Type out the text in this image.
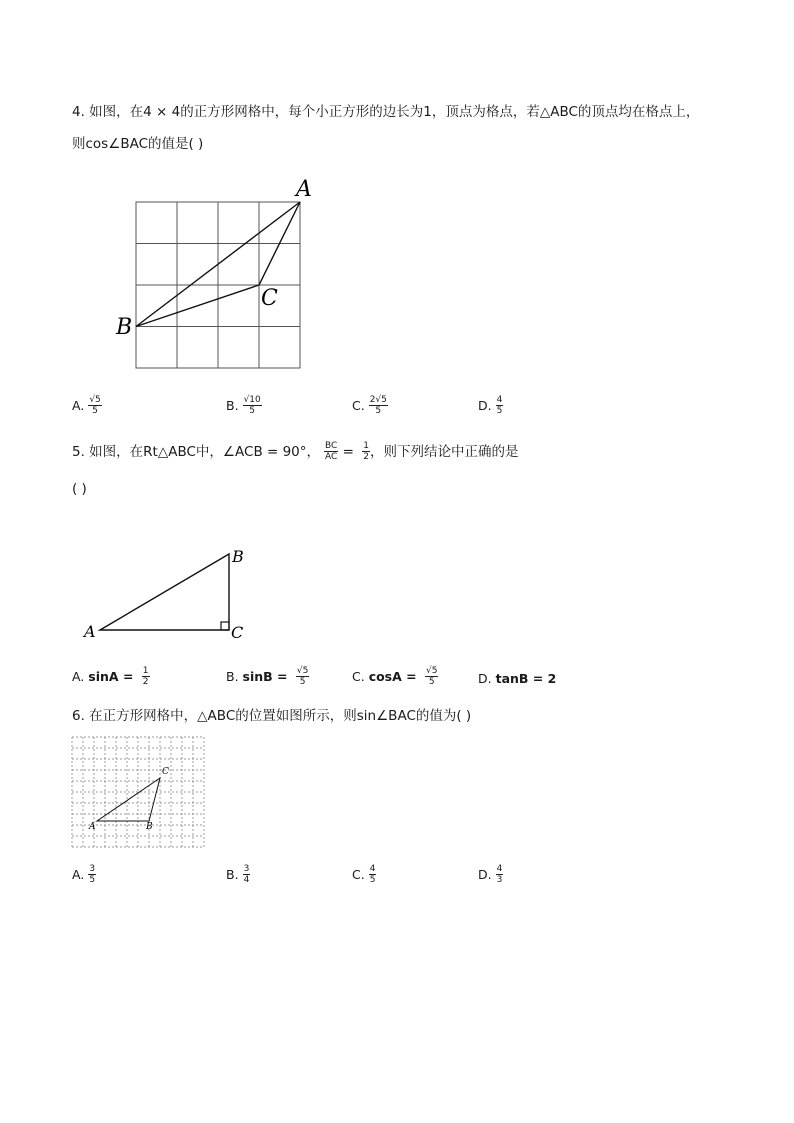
4. 如图，在4 × 4的正方形网格中，每个小正方形的边长为1，顶点为格点，若△ABC的顶点均在格点上，
则cos∠BAC的值是( )
A
B
C
A. $\frac{√5}{5}$	B. $\frac{√10}{5}$	C. $\frac{2√5}{5}$	D. $\frac{4}{5}$
5. 如图，在Rt△ABC中，∠ACB = 90°， $\frac{BC}{AC} = \frac{1}{2}$ ，则下列结论中正确的是
( )
A
B
C
A.
$\sin A = \frac{1}{2}$	B.
$\sin B = \frac{√5}{5}$	C.
$\cos A = \frac{√5}{5}$	D.
tanB = 2
6. 在正方形网格中，△ABC的位置如图所示，则sin∠BAC的值为( )
A	B
C
A. $\frac{3}{5}$	B. $\frac{3}{4}$	C. $\frac{4}{5}$	D. $\frac{4}{3}$
